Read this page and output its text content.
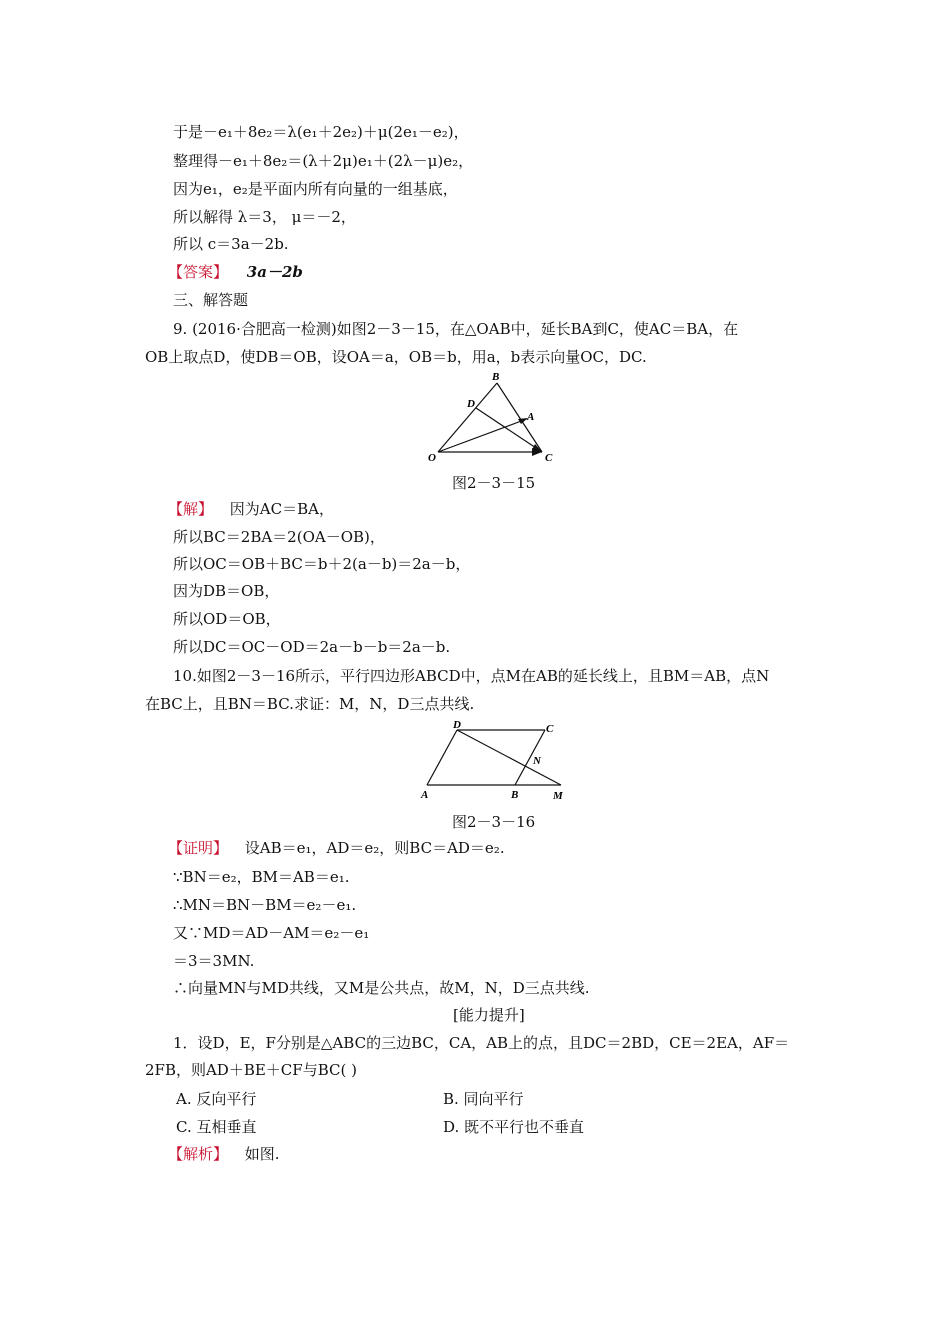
于是－e₁＋8e₂＝λ(e₁＋2e₂)＋μ(2e₁－e₂)，
整理得－e₁＋8e₂＝(λ＋2μ)e₁＋(2λ－μ)e₂，
因为e₁，e₂是平面内所有向量的一组基底，
所以解得 λ＝3， μ＝－2，
所以 c＝3a－2b.
【答案】 3a－2b
三、解答题
9. (2016·合肥高一检测)如图2－3－15，在△OAB中，延长BA到C，使AC＝BA，在
OB上取点D，使DB＝OB，设OA＝a，OB＝b，用a，b表示向量OC，DC.
B
D
A
O	C
图2－3－15
【解】 因为AC＝BA，
所以BC＝2BA＝2(OA－OB)，
所以OC＝OB＋BC＝b＋2(a－b)＝2a－b，
因为DB＝OB，
所以OD＝OB，
所以DC＝OC－OD＝2a－b－b＝2a－b.
10.如图2－3－16所示，平行四边形ABCD中，点M在AB的延长线上，且BM＝AB，点N
在BC上，且BN＝BC.求证：M，N，D三点共线.
D	C
N
A	B	M
图2－3－16
【证明】 设AB＝e₁，AD＝e₂，则BC＝AD＝e₂.
∵BN＝e₂，BM＝AB＝e₁.
∴MN＝BN－BM＝e₂－e₁.
又∵MD＝AD－AM＝e₂－e₁
＝3＝3MN.
∴向量MN与MD共线，又M是公共点，故M，N，D三点共线.
[能力提升]
1．设D，E，F分别是△ABC的三边BC，CA，AB上的点，且DC＝2BD，CE＝2EA，AF＝
2FB，则AD＋BE＋CF与BC( )
A. 反向平行	B. 同向平行
C. 互相垂直	D. 既不平行也不垂直
【解析】 如图.
